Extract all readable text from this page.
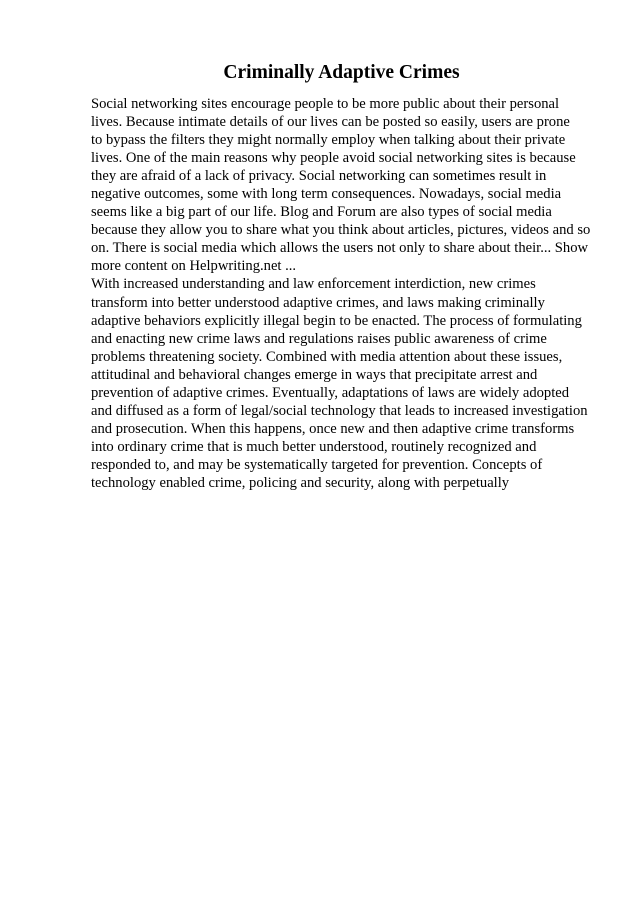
Criminally Adaptive Crimes

Social networking sites encourage people to be more public about their personal
lives. Because intimate details of our lives can be posted so easily, users are prone
to bypass the filters they might normally employ when talking about their private
lives. One of the main reasons why people avoid social networking sites is because
they are afraid of a lack of privacy. Social networking can sometimes result in
negative outcomes, some with long term consequences. Nowadays, social media
seems like a big part of our life. Blog and Forum are also types of social media
because they allow you to share what you think about articles, pictures, videos and so
on. There is social media which allows the users not only to share about their... Show
more content on Helpwriting.net ...

With increased understanding and law enforcement interdiction, new crimes
transform into better understood adaptive crimes, and laws making criminally
adaptive behaviors explicitly illegal begin to be enacted. The process of formulating
and enacting new crime laws and regulations raises public awareness of crime
problems threatening society. Combined with media attention about these issues,
attitudinal and behavioral changes emerge in ways that precipitate arrest and
prevention of adaptive crimes. Eventually, adaptations of laws are widely adopted
and diffused as a form of legal/social technology that leads to increased investigation
and prosecution. When this happens, once new and then adaptive crime transforms
into ordinary crime that is much better understood, routinely recognized and
responded to, and may be systematically targeted for prevention. Concepts of
technology enabled crime, policing and security, along with perpetually
